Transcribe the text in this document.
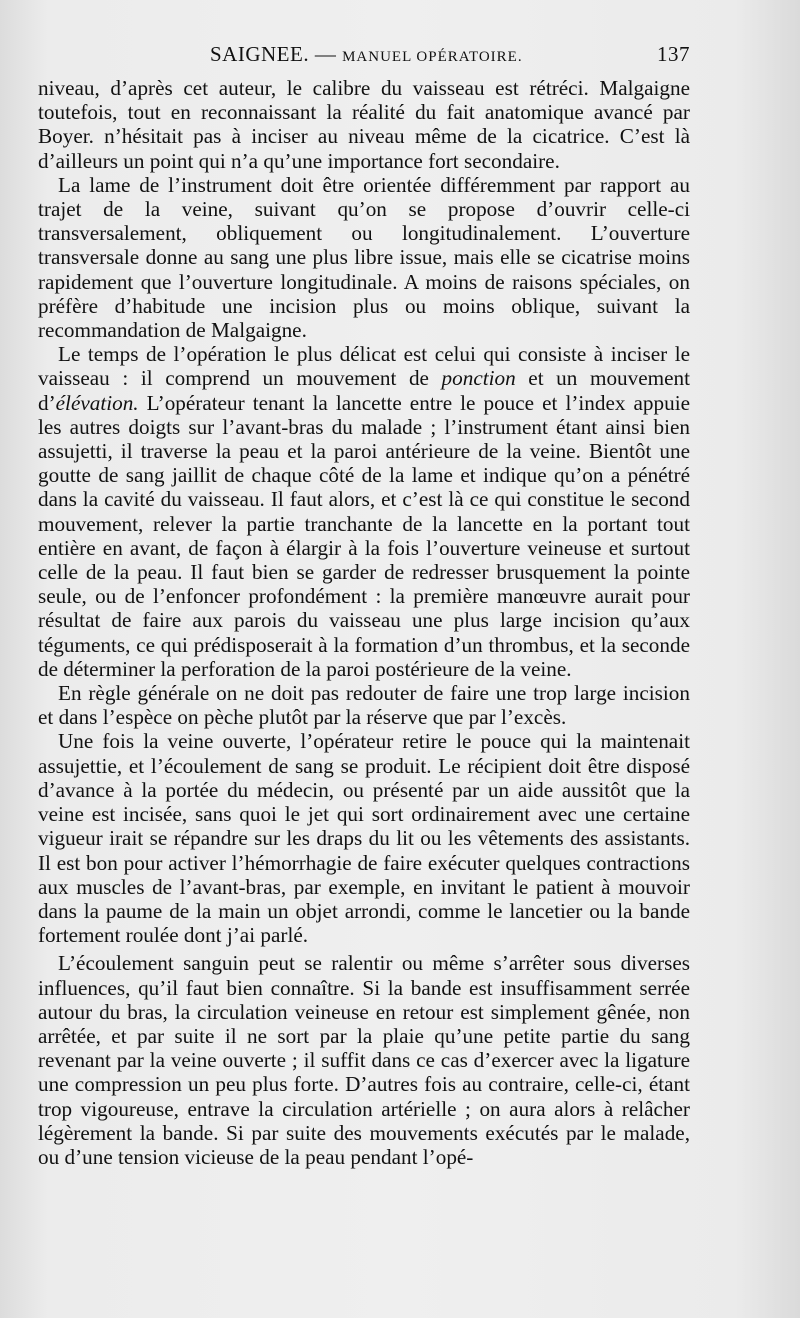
SAIGNEE. — MANUEL OPÉRATOIRE.	137

niveau, d’après cet auteur, le calibre du vaisseau est rétréci. Malgaigne toutefois, tout en reconnaissant la réalité du fait anatomique avancé par Boyer. n’hésitait pas à inciser au niveau même de la cicatrice. C’est là d’ailleurs un point qui n’a qu’une importance fort secondaire.

La lame de l’instrument doit être orientée différemment par rapport au trajet de la veine, suivant qu’on se propose d’ouvrir celle-ci transversalement, obliquement ou longitudinalement. L’ouverture transversale donne au sang une plus libre issue, mais elle se cicatrise moins rapidement que l’ouverture longitudinale. A moins de raisons spéciales, on préfère d’habitude une incision plus ou moins oblique, suivant la recommandation de Malgaigne.

Le temps de l’opération le plus délicat est celui qui consiste à inciser le vaisseau : il comprend un mouvement de ponction et un mouvement d’élévation. L’opérateur tenant la lancette entre le pouce et l’index appuie les autres doigts sur l’avant-bras du malade ; l’instrument étant ainsi bien assujetti, il traverse la peau et la paroi antérieure de la veine. Bientôt une goutte de sang jaillit de chaque côté de la lame et indique qu’on a pénétré dans la cavité du vaisseau. Il faut alors, et c’est là ce qui constitue le second mouvement, relever la partie tranchante de la lancette en la portant tout entière en avant, de façon à élargir à la fois l’ouverture veineuse et surtout celle de la peau. Il faut bien se garder de redresser brusquement la pointe seule, ou de l’enfoncer profondément : la première manœuvre aurait pour résultat de faire aux parois du vaisseau une plus large incision qu’aux téguments, ce qui prédisposerait à la formation d’un thrombus, et la seconde de déterminer la perforation de la paroi postérieure de la veine.

En règle générale on ne doit pas redouter de faire une trop large incision et dans l’espèce on pèche plutôt par la réserve que par l’excès.

Une fois la veine ouverte, l’opérateur retire le pouce qui la maintenait assujettie, et l’écoulement de sang se produit. Le récipient doit être disposé d’avance à la portée du médecin, ou présenté par un aide aussitôt que la veine est incisée, sans quoi le jet qui sort ordinairement avec une certaine vigueur irait se répandre sur les draps du lit ou les vêtements des assistants. Il est bon pour activer l’hémorrhagie de faire exécuter quelques contractions aux muscles de l’avant-bras, par exemple, en invitant le patient à mouvoir dans la paume de la main un objet arrondi, comme le lancetier ou la bande fortement roulée dont j’ai parlé.

L’écoulement sanguin peut se ralentir ou même s’arrêter sous diverses influences, qu’il faut bien connaître. Si la bande est insuffisamment serrée autour du bras, la circulation veineuse en retour est simplement gênée, non arrêtée, et par suite il ne sort par la plaie qu’une petite partie du sang revenant par la veine ouverte ; il suffit dans ce cas d’exercer avec la ligature une compression un peu plus forte. D’autres fois au contraire, celle-ci, étant trop vigoureuse, entrave la circulation artérielle ; on aura alors à relâcher légèrement la bande. Si par suite des mouvements exécutés par le malade, ou d’une tension vicieuse de la peau pendant l’opé-
